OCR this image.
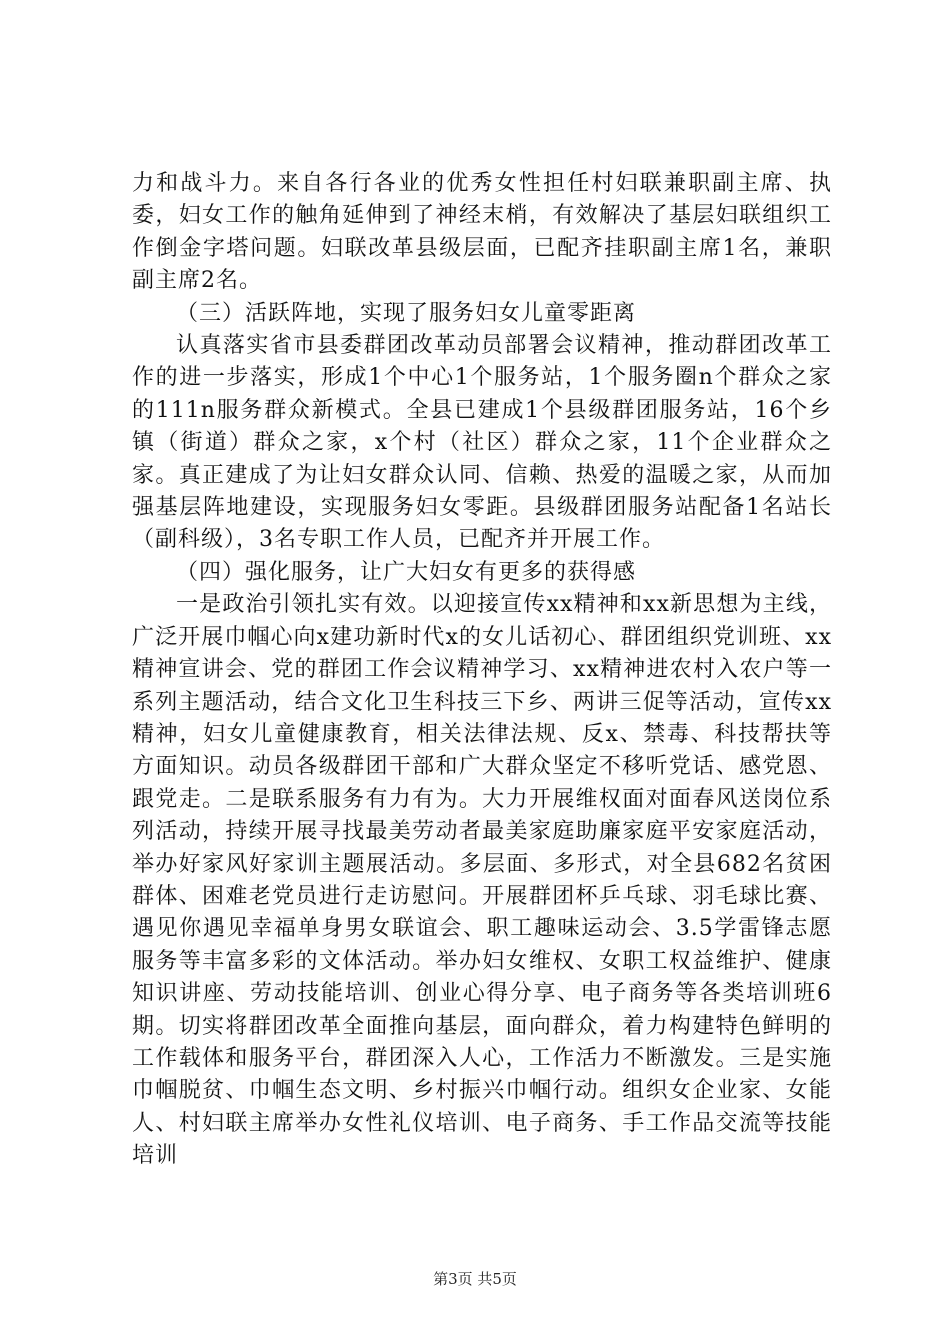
力和战斗力。来自各行各业的优秀女性担任村妇联兼职副主席、执委，妇女工作的触角延伸到了神经末梢，有效解决了基层妇联组织工作倒金字塔问题。妇联改革县级层面，已配齐挂职副主席1名，兼职副主席2名。

（三）活跃阵地，实现了服务妇女儿童零距离

认真落实省市县委群团改革动员部署会议精神，推动群团改革工作的进一步落实，形成1个中心1个服务站，1个服务圈n个群众之家的111n服务群众新模式。全县已建成1个县级群团服务站，16个乡镇（街道）群众之家，x个村（社区）群众之家，11个企业群众之家。真正建成了为让妇女群众认同、信赖、热爱的温暖之家，从而加强基层阵地建设，实现服务妇女零距。县级群团服务站配备1名站长（副科级），3名专职工作人员，已配齐并开展工作。

（四）强化服务，让广大妇女有更多的获得感

一是政治引领扎实有效。以迎接宣传xx精神和xx新思想为主线，广泛开展巾帼心向x建功新时代x的女儿话初心、群团组织党训班、xx精神宣讲会、党的群团工作会议精神学习、xx精神进农村入农户等一系列主题活动，结合文化卫生科技三下乡、两讲三促等活动，宣传xx精神，妇女儿童健康教育，相关法律法规、反x、禁毒、科技帮扶等方面知识。动员各级群团干部和广大群众坚定不移听党话、感党恩、跟党走。二是联系服务有力有为。大力开展维权面对面春风送岗位系列活动，持续开展寻找最美劳动者最美家庭助廉家庭平安家庭活动，举办好家风好家训主题展活动。多层面、多形式，对全县682名贫困群体、困难老党员进行走访慰问。开展群团杯乒乓球、羽毛球比赛、遇见你遇见幸福单身男女联谊会、职工趣味运动会、3.5学雷锋志愿服务等丰富多彩的文体活动。举办妇女维权、女职工权益维护、健康知识讲座、劳动技能培训、创业心得分享、电子商务等各类培训班6期。切实将群团改革全面推向基层，面向群众，着力构建特色鲜明的工作载体和服务平台，群团深入人心，工作活力不断激发。三是实施巾帼脱贫、巾帼生态文明、乡村振兴巾帼行动。组织女企业家、女能人、村妇联主席举办女性礼仪培训、电子商务、手工作品交流等技能培训

第3页 共5页
